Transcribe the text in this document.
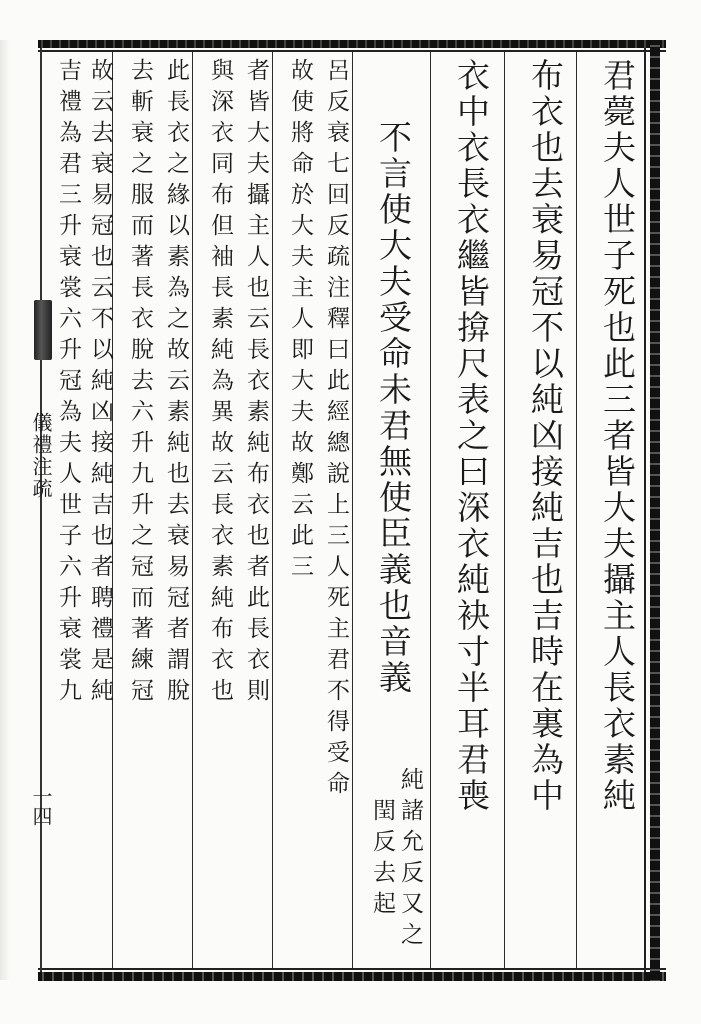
儀禮注疏
一四	君薨夫人世子死也此三者皆大夫攝主人長衣素純
布衣也去衰易冠不以純凶接純吉也吉時在裏為中
衣中衣長衣繼皆揜尺表之曰深衣純袂寸半耳君喪
不言使大夫受命未君無使臣義也音義
純諸允反又之閏反去起
呂反衰七回反疏注釋曰此經總說上三人死主君不得受命
故使將命於大夫主人即大夫故鄭云此三
者皆大夫攝主人也云長衣素純布衣也者此長衣則
與深衣同布但袖長素純為異故云長衣素純布衣也
此長衣之緣以素為之故云素純也去衰易冠者謂脫
去斬衰之服而著長衣脫去六升九升之冠而著練冠
故云去衰易冠也云不以純凶接純吉也者聘禮是純
吉禮為君三升衰裳六升冠為夫人世子六升衰裳九
